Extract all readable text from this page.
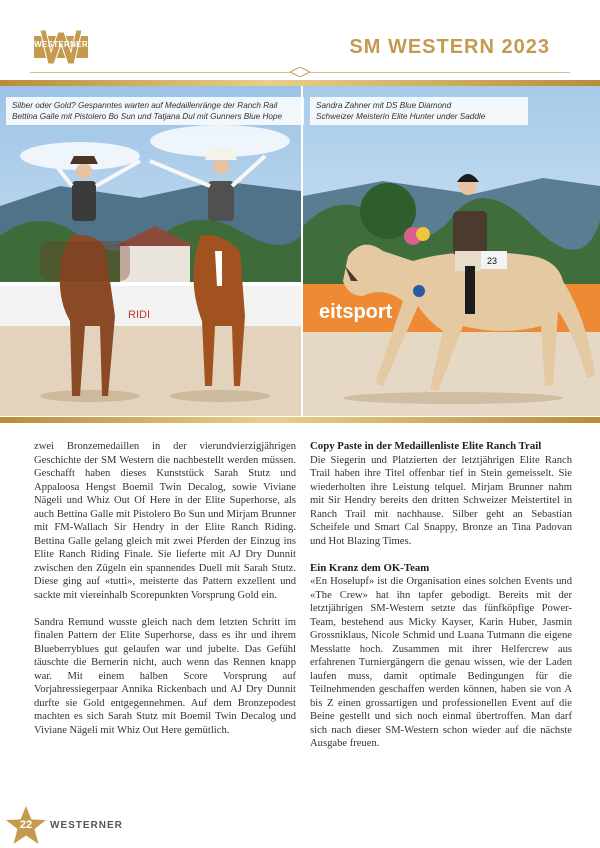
WESTERNER	SM WESTERN 2023
RIDI	eitsport
23
Silber oder Gold? Gespanntes warten auf Medaillenränge der Ranch Rail
Bettina Galle mit Pistolero Bo Sun und Tatjana Dul mit Gunners Blue Hope
Sandra Zahner mit DS Blue Diamond
Schweizer Meisterin Elite Hunter under Saddle

zwei Bronzemedaillen in der vierundvierzigjährigen Geschichte der SM Western die nachbestellt werden müssen. Geschafft haben dieses Kunststück Sarah Stutz und Appaloosa Hengst Boemil Twin Decalog, sowie Viviane Nägeli und Whiz Out Of Here in der Elite Superhorse, als auch Bettina Galle mit Pistolero Bo Sun und Mirjam Brunner mit FM-Wallach Sir Hendry in der Elite Ranch Riding. Bettina Galle gelang gleich mit zwei Pferden der Einzug ins Elite Ranch Riding Finale. Sie lieferte mit AJ Dry Dunnit zwischen den Zügeln ein spannendes Duell mit Sarah Stutz. Diese ging auf «tutti», meisterte das Pattern exzellent und sackte mit viereinhalb Scorepunkten Vorsprung Gold ein.

Sandra Remund wusste gleich nach dem letzten Schritt im finalen Pattern der Elite Superhorse, dass es ihr und ihrem Blueberryblues gut gelaufen war und jubelte. Das Gefühl täuschte die Bernerin nicht, auch wenn das Rennen knapp war. Mit einem halben Score Vorsprung auf Vorjahressiegerpaar Annika Rickenbach und AJ Dry Dunnit durfte sie Gold entgegennehmen. Auf dem Bronzepodest machten es sich Sarah Stutz mit Boemil Twin Decalog und Viviane Nägeli mit Whiz Out Here gemütlich.

Copy Paste in der Medaillenliste Elite Ranch Trail

Die Siegerin und Platzierten der letztjährigen Elite Ranch Trail haben ihre Titel offenbar tief in Stein gemeisselt. Sie wiederholten ihre Leistung telquel. Mirjam Brunner nahm mit Sir Hendry bereits den dritten Schweizer Meistertitel in Ranch Trail mit nachhause. Silber geht an Sebastian Scheifele und Smart Cal Snappy, Bronze an Tina Padovan und Hot Blazing Times.

Ein Kranz dem OK-Team

«En Hoselupf» ist die Organisation eines solchen Events und «The Crew» hat ihn tapfer gebodigt. Bereits mit der letztjährigen SM-Western setzte das fünfköpfige Power-Team, bestehend aus Micky Kayser, Karin Huber, Jasmin Grossniklaus, Nicole Schmid und Luana Tutmann die eigene Messlatte hoch. Zusammen mit ihrer Helfercrew aus erfahrenen Turniergängern die genau wissen, wie der Laden laufen muss, damit optimale Bedingungen für die Teilnehmenden geschaffen werden können, haben sie von A bis Z einen grossartigen und professionellen Event auf die Beine gestellt und sich noch einmal übertroffen. Man darf sich nach dieser SM-Western schon wieder auf die nächste Ausgabe freuen.

22	WESTERNER
